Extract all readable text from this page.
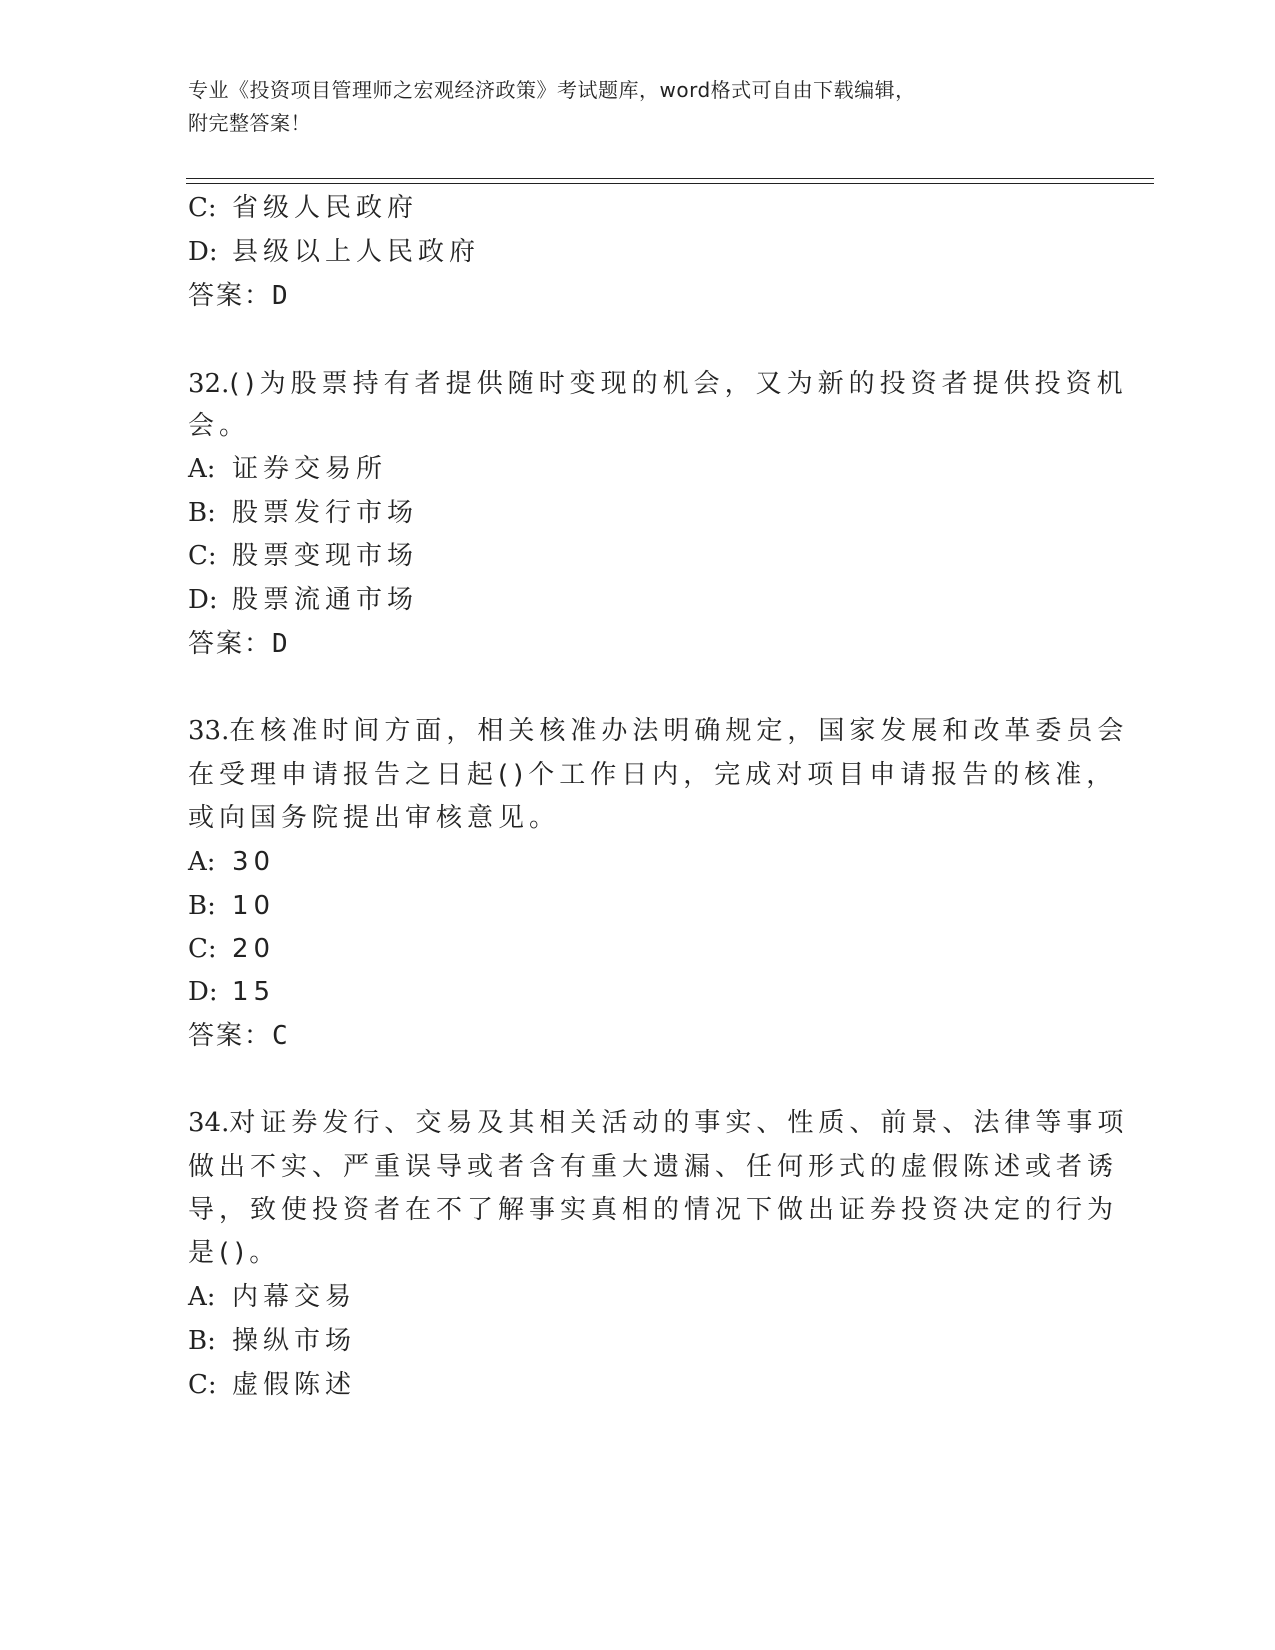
专业《投资项目管理师之宏观经济政策》考试题库，word格式可自由下载编辑，
附完整答案！
C: 省级人民政府
D: 县级以上人民政府
答案：D
32.()为股票持有者提供随时变现的机会，又为新的投资者提供投资机
会。
A: 证券交易所
B: 股票发行市场
C: 股票变现市场
D: 股票流通市场
答案：D
33.在核准时间方面，相关核准办法明确规定，国家发展和改革委员会
在受理申请报告之日起()个工作日内，完成对项目申请报告的核准，
或向国务院提出审核意见。
A: 30
B: 10
C: 20
D: 15
答案：C
34.对证券发行、交易及其相关活动的事实、性质、前景、法律等事项
做出不实、严重误导或者含有重大遗漏、任何形式的虚假陈述或者诱
导，致使投资者在不了解事实真相的情况下做出证券投资决定的行为
是()。
A: 内幕交易
B: 操纵市场
C: 虚假陈述
